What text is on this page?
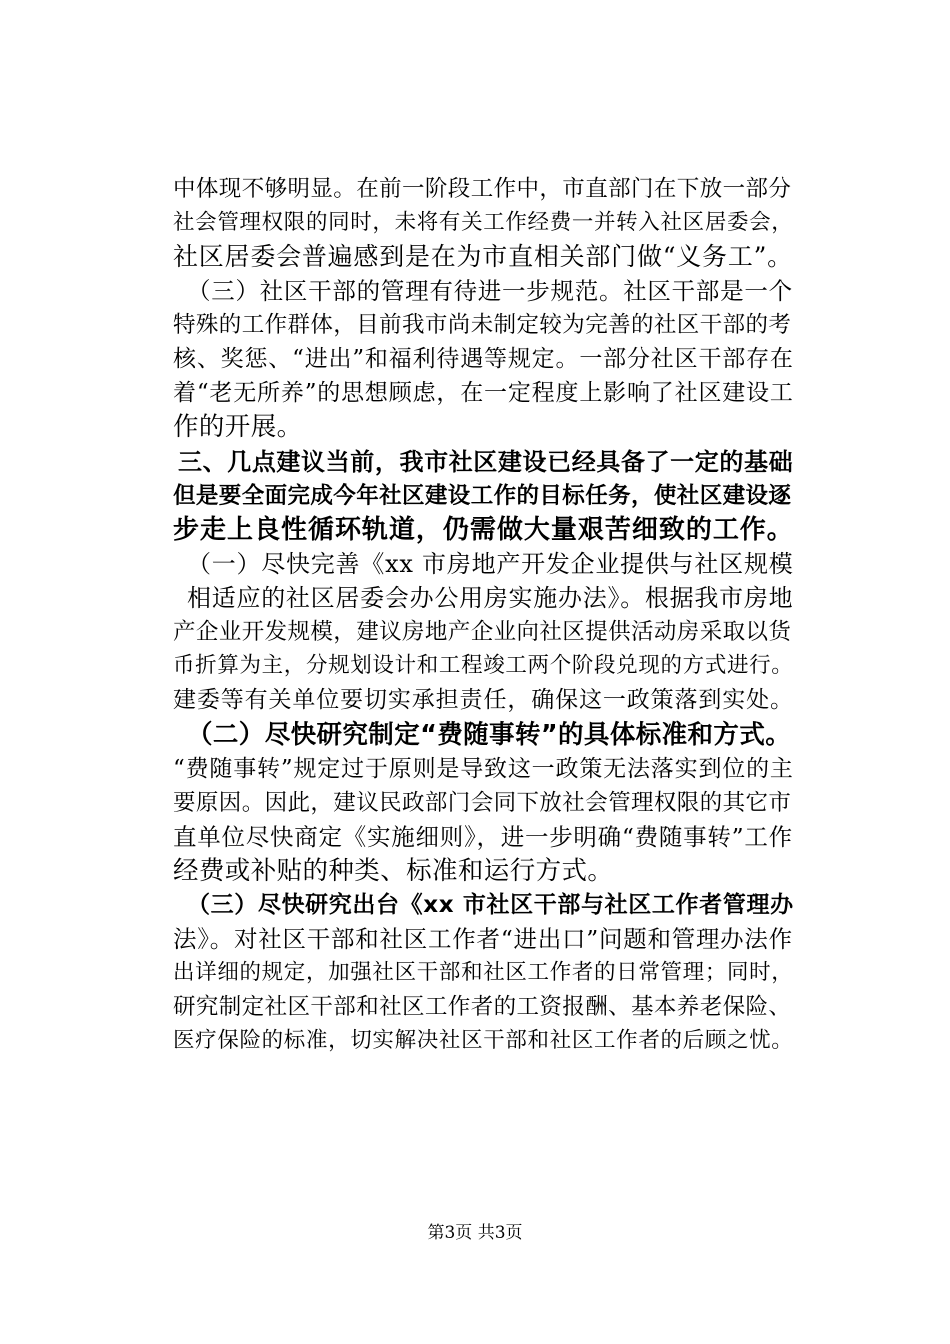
中体现不够明显。在前一阶段工作中，市直部门在下放一部分
社会管理权限的同时，未将有关工作经费一并转入社区居委会，
社区居委会普遍感到是在为市直相关部门做“义务工”。
（三）社区干部的管理有待进一步规范。社区干部是一个
特殊的工作群体，目前我市尚未制定较为完善的社区干部的考
核、奖惩、“进出”和福利待遇等规定。一部分社区干部存在
着“老无所养”的思想顾虑，在一定程度上影响了社区建设工
作的开展。
三、几点建议当前，我市社区建设已经具备了一定的基础
但是要全面完成今年社区建设工作的目标任务，使社区建设逐
步走上良性循环轨道，仍需做大量艰苦细致的工作。
（一）尽快完善《xx 市房地产开发企业提供与社区规模
相适应的社区居委会办公用房实施办法》。根据我市房地
产企业开发规模，建议房地产企业向社区提供活动房采取以货
币折算为主，分规划设计和工程竣工两个阶段兑现的方式进行。
建委等有关单位要切实承担责任，确保这一政策落到实处。
（二）尽快研究制定“费随事转”的具体标准和方式。
“费随事转”规定过于原则是导致这一政策无法落实到位的主
要原因。因此，建议民政部门会同下放社会管理权限的其它市
直单位尽快商定《实施细则》，进一步明确“费随事转”工作
经费或补贴的种类、标准和运行方式。
（三）尽快研究出台《xx 市社区干部与社区工作者管理办
法》。对社区干部和社区工作者“进出口”问题和管理办法作
出详细的规定，加强社区干部和社区工作者的日常管理；同时，
研究制定社区干部和社区工作者的工资报酬、基本养老保险、
医疗保险的标准，切实解决社区干部和社区工作者的后顾之忧。
第3页 共3页
